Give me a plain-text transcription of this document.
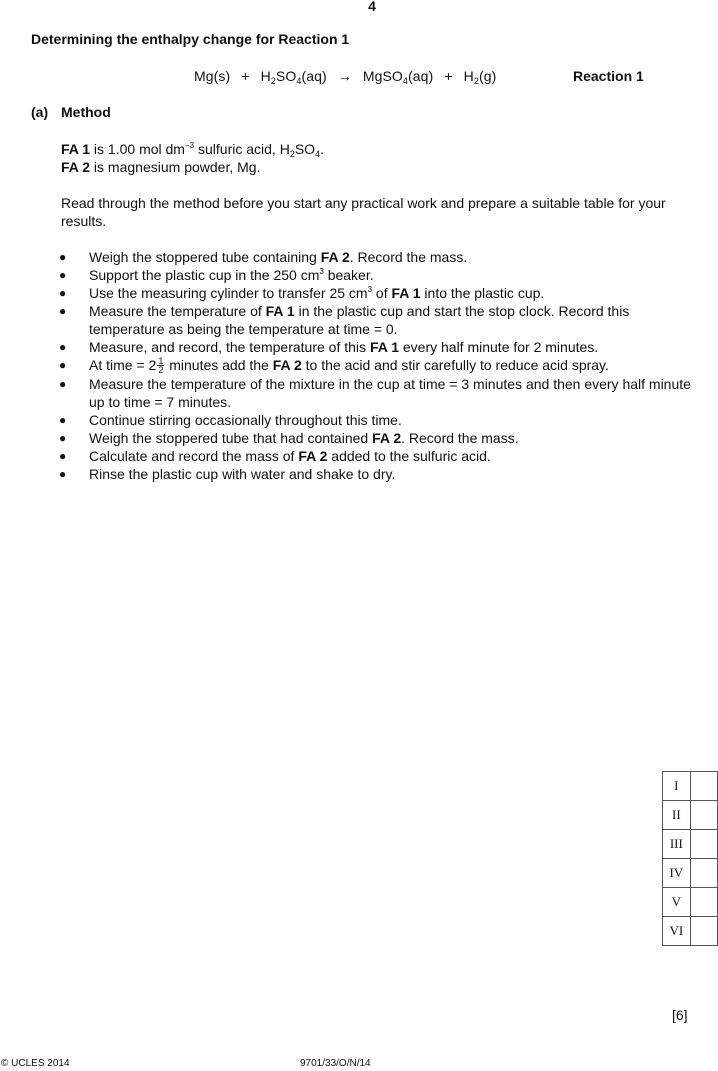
4
Determining the enthalpy change for Reaction 1
$Mg(s) + H_2SO_4(aq)$ → MgSO$_4$(aq) + $H_2(g)$	Reaction 1
(a) Method
FA 1 is 1.00 mol $dm^{-3}$ sulfuric acid, $H_2SO_4$.
FA 2 is magnesium powder, Mg.
Read through the method before you start any practical work and prepare a suitable table for your results.
● Weigh the stoppered tube containing FA 2. Record the mass.
● Support the plastic cup in the 250 $cm^3$ beaker.
● Use the measuring cylinder to transfer 25 $cm^3$ of FA 1 into the plastic cup.
● Measure the temperature of FA 1 in the plastic cup and start the stop clock. Record this temperature as being the temperature at time = 0.
● Measure, and record, the temperature of this FA 1 every half minute for 2 minutes.
● At time = $2 \frac{1}{2}$ minutes add the FA 2 to the acid and stir carefully to reduce acid spray.
● Measure the temperature of the mixture in the cup at time = 3 minutes and then every half minute up to time = 7 minutes.
● Continue stirring occasionally throughout this time.
● Weigh the stoppered tube that had contained FA 2. Record the mass.
● Calculate and record the mass of FA 2 added to the sulfuric acid.
● Rinse the plastic cup with water and shake to dry.
I	
II	
III	
IV	
V	
VI	
[6]
© UCLES 2014	9701/33/O/N/14
